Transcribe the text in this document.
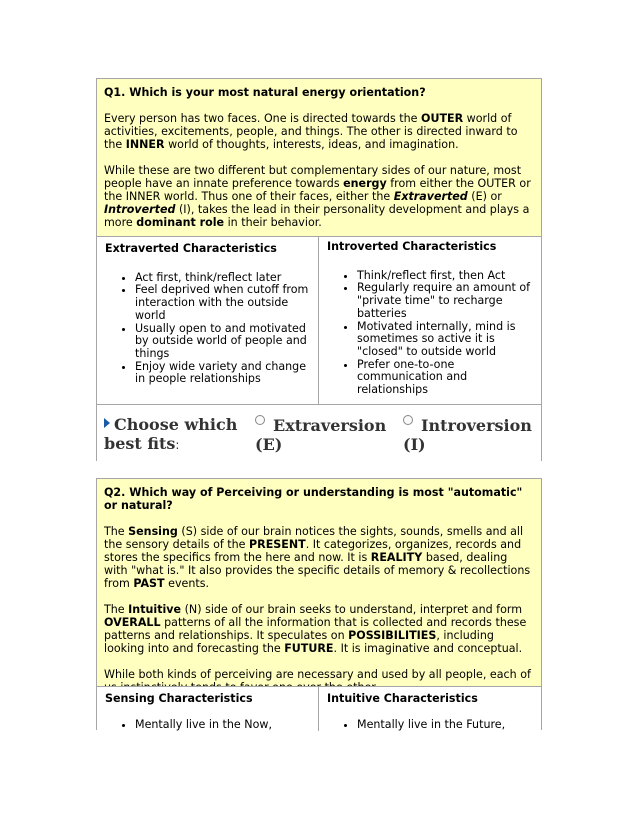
Q1. Which is your most natural energy orientation?

Every person has two faces. One is directed towards the OUTER world of activities, excitements, people, and things. The other is directed inward to the INNER world of thoughts, interests, ideas, and imagination.

While these are two different but complementary sides of our nature, most people have an innate preference towards energy from either the OUTER or the INNER world. Thus one of their faces, either the Extraverted (E) or Introverted (I), takes the lead in their personality development and plays a more dominant role in their behavior.

Extraverted Characteristics
• Act first, think/reflect later
• Feel deprived when cutoff from interaction with the outside world
• Usually open to and motivated by outside world of people and things
• Enjoy wide variety and change in people relationships
Introverted Characteristics
• Think/reflect first, then Act
• Regularly require an amount of "private time" to recharge batteries
• Motivated internally, mind is sometimes so active it is "closed" to outside world
• Prefer one-to-one communication and relationships
Choose which
best fits:
Extraversion
(E)
Introversion
(I)

Q2. Which way of Perceiving or understanding is most "automatic" or natural?

The Sensing (S) side of our brain notices the sights, sounds, smells and all the sensory details of the PRESENT. It categorizes, organizes, records and stores the specifics from the here and now. It is REALITY based, dealing with "what is." It also provides the specific details of memory & recollections from PAST events.

The Intuitive (N) side of our brain seeks to understand, interpret and form OVERALL patterns of all the information that is collected and records these patterns and relationships. It speculates on POSSIBILITIES, including looking into and forecasting the FUTURE. It is imaginative and conceptual.

While both kinds of perceiving are necessary and used by all people, each of

Sensing Characteristics
• Mentally live in the Now,
Intuitive Characteristics
• Mentally live in the Future,
